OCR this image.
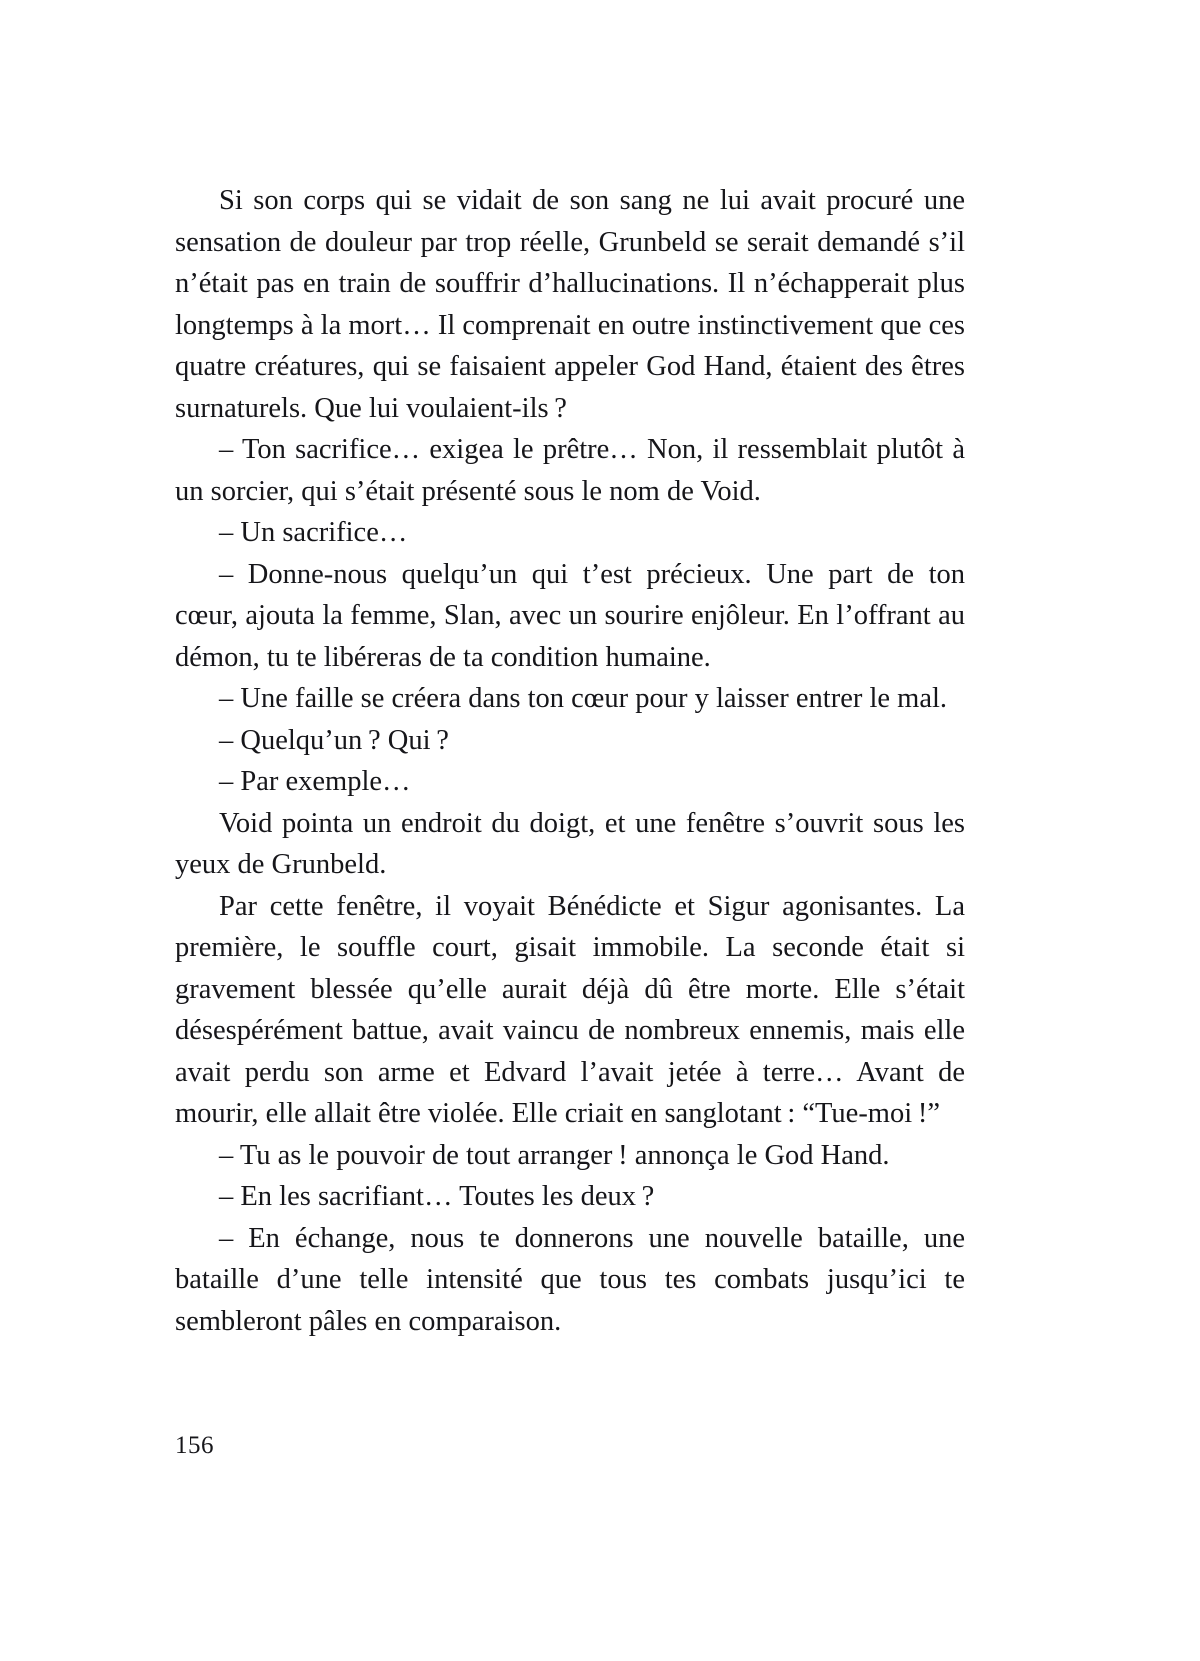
Si son corps qui se vidait de son sang ne lui avait procuré une sensation de douleur par trop réelle, Grunbeld se serait demandé s’il n’était pas en train de souffrir d’hallucinations. Il n’échapperait plus longtemps à la mort… Il comprenait en outre instinctivement que ces quatre créatures, qui se faisaient appeler God Hand, étaient des êtres surnaturels. Que lui voulaient-ils ?

– Ton sacrifice… exigea le prêtre… Non, il ressemblait plutôt à un sorcier, qui s’était présenté sous le nom de Void.

– Un sacrifice…

– Donne-nous quelqu’un qui t’est précieux. Une part de ton cœur, ajouta la femme, Slan, avec un sourire enjôleur. En l’offrant au démon, tu te libéreras de ta condition humaine.

– Une faille se créera dans ton cœur pour y laisser entrer le mal.

– Quelqu’un ? Qui ?

– Par exemple…

Void pointa un endroit du doigt, et une fenêtre s’ouvrit sous les yeux de Grunbeld.

Par cette fenêtre, il voyait Bénédicte et Sigur agonisantes. La première, le souffle court, gisait immobile. La seconde était si gravement blessée qu’elle aurait déjà dû être morte. Elle s’était désespérément battue, avait vaincu de nombreux ennemis, mais elle avait perdu son arme et Edvard l’avait jetée à terre… Avant de mourir, elle allait être violée. Elle criait en sanglotant : “Tue-moi !”

– Tu as le pouvoir de tout arranger ! annonça le God Hand.

– En les sacrifiant… Toutes les deux ?

– En échange, nous te donnerons une nouvelle bataille, une bataille d’une telle intensité que tous tes combats jusqu’ici te sembleront pâles en comparaison.

156
